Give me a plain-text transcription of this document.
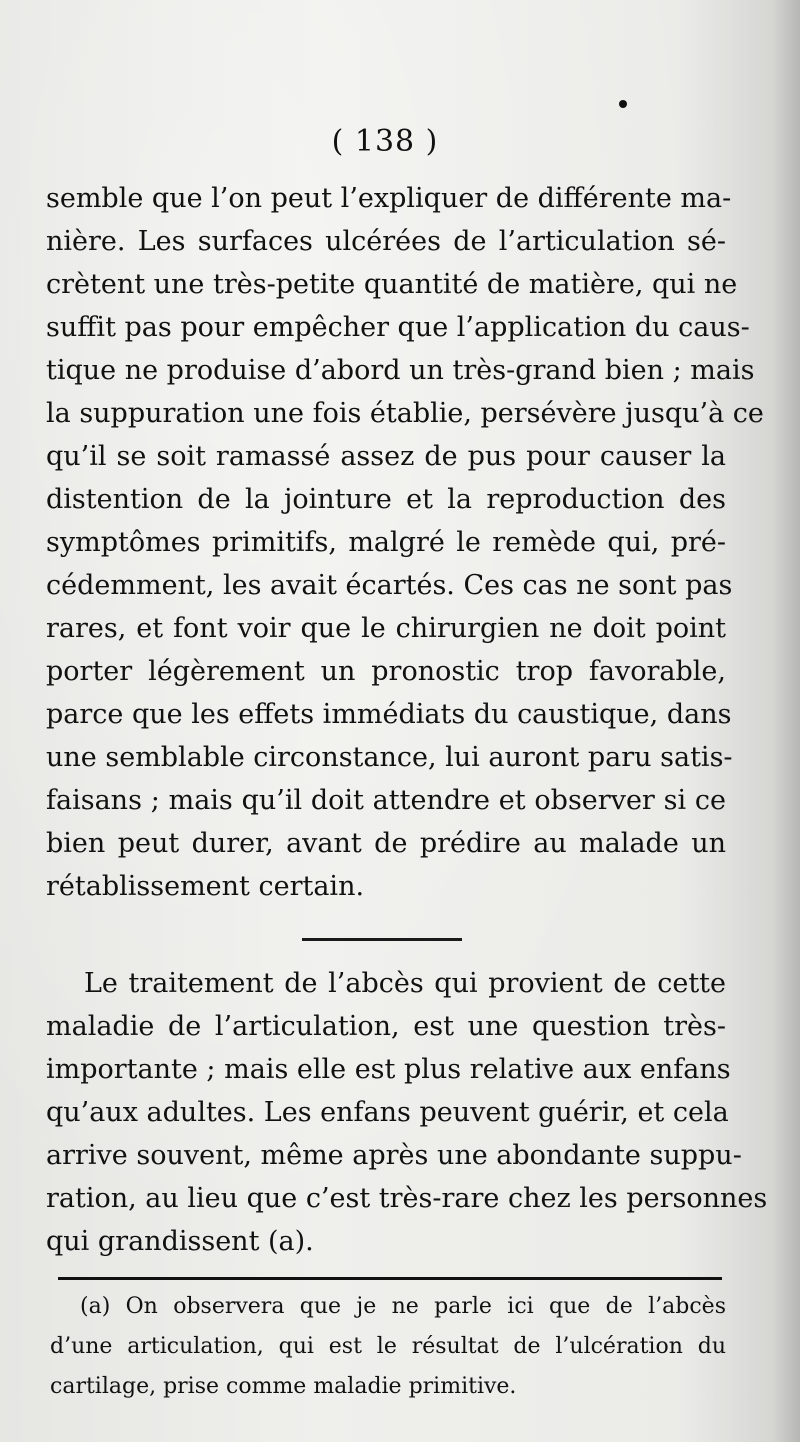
( 138 )
semble que l’on peut l’expliquer de différente ma-
nière. Les surfaces ulcérées de l’articulation sé-
crètent une très-petite quantité de matière, qui ne
suffit pas pour empêcher que l’application du caus-
tique ne produise d’abord un très-grand bien ; mais
la suppuration une fois établie, persévère jusqu’à ce
qu’il se soit ramassé assez de pus pour causer la
distention de la jointure et la reproduction des
symptômes primitifs, malgré le remède qui, pré-
cédemment, les avait écartés. Ces cas ne sont pas
rares, et font voir que le chirurgien ne doit point
porter légèrement un pronostic trop favorable,
parce que les effets immédiats du caustique, dans
une semblable circonstance, lui auront paru satis-
faisans ; mais qu’il doit attendre et observer si ce
bien peut durer, avant de prédire au malade un
rétablissement certain.
Le traitement de l’abcès qui provient de cette
maladie de l’articulation, est une question très-
importante ; mais elle est plus relative aux enfans
qu’aux adultes. Les enfans peuvent guérir, et cela
arrive souvent, même après une abondante suppu-
ration, au lieu que c’est très-rare chez les personnes
qui grandissent (a).
(a) On observera que je ne parle ici que de l’abcès
d’une articulation, qui est le résultat de l’ulcération du
cartilage, prise comme maladie primitive.
